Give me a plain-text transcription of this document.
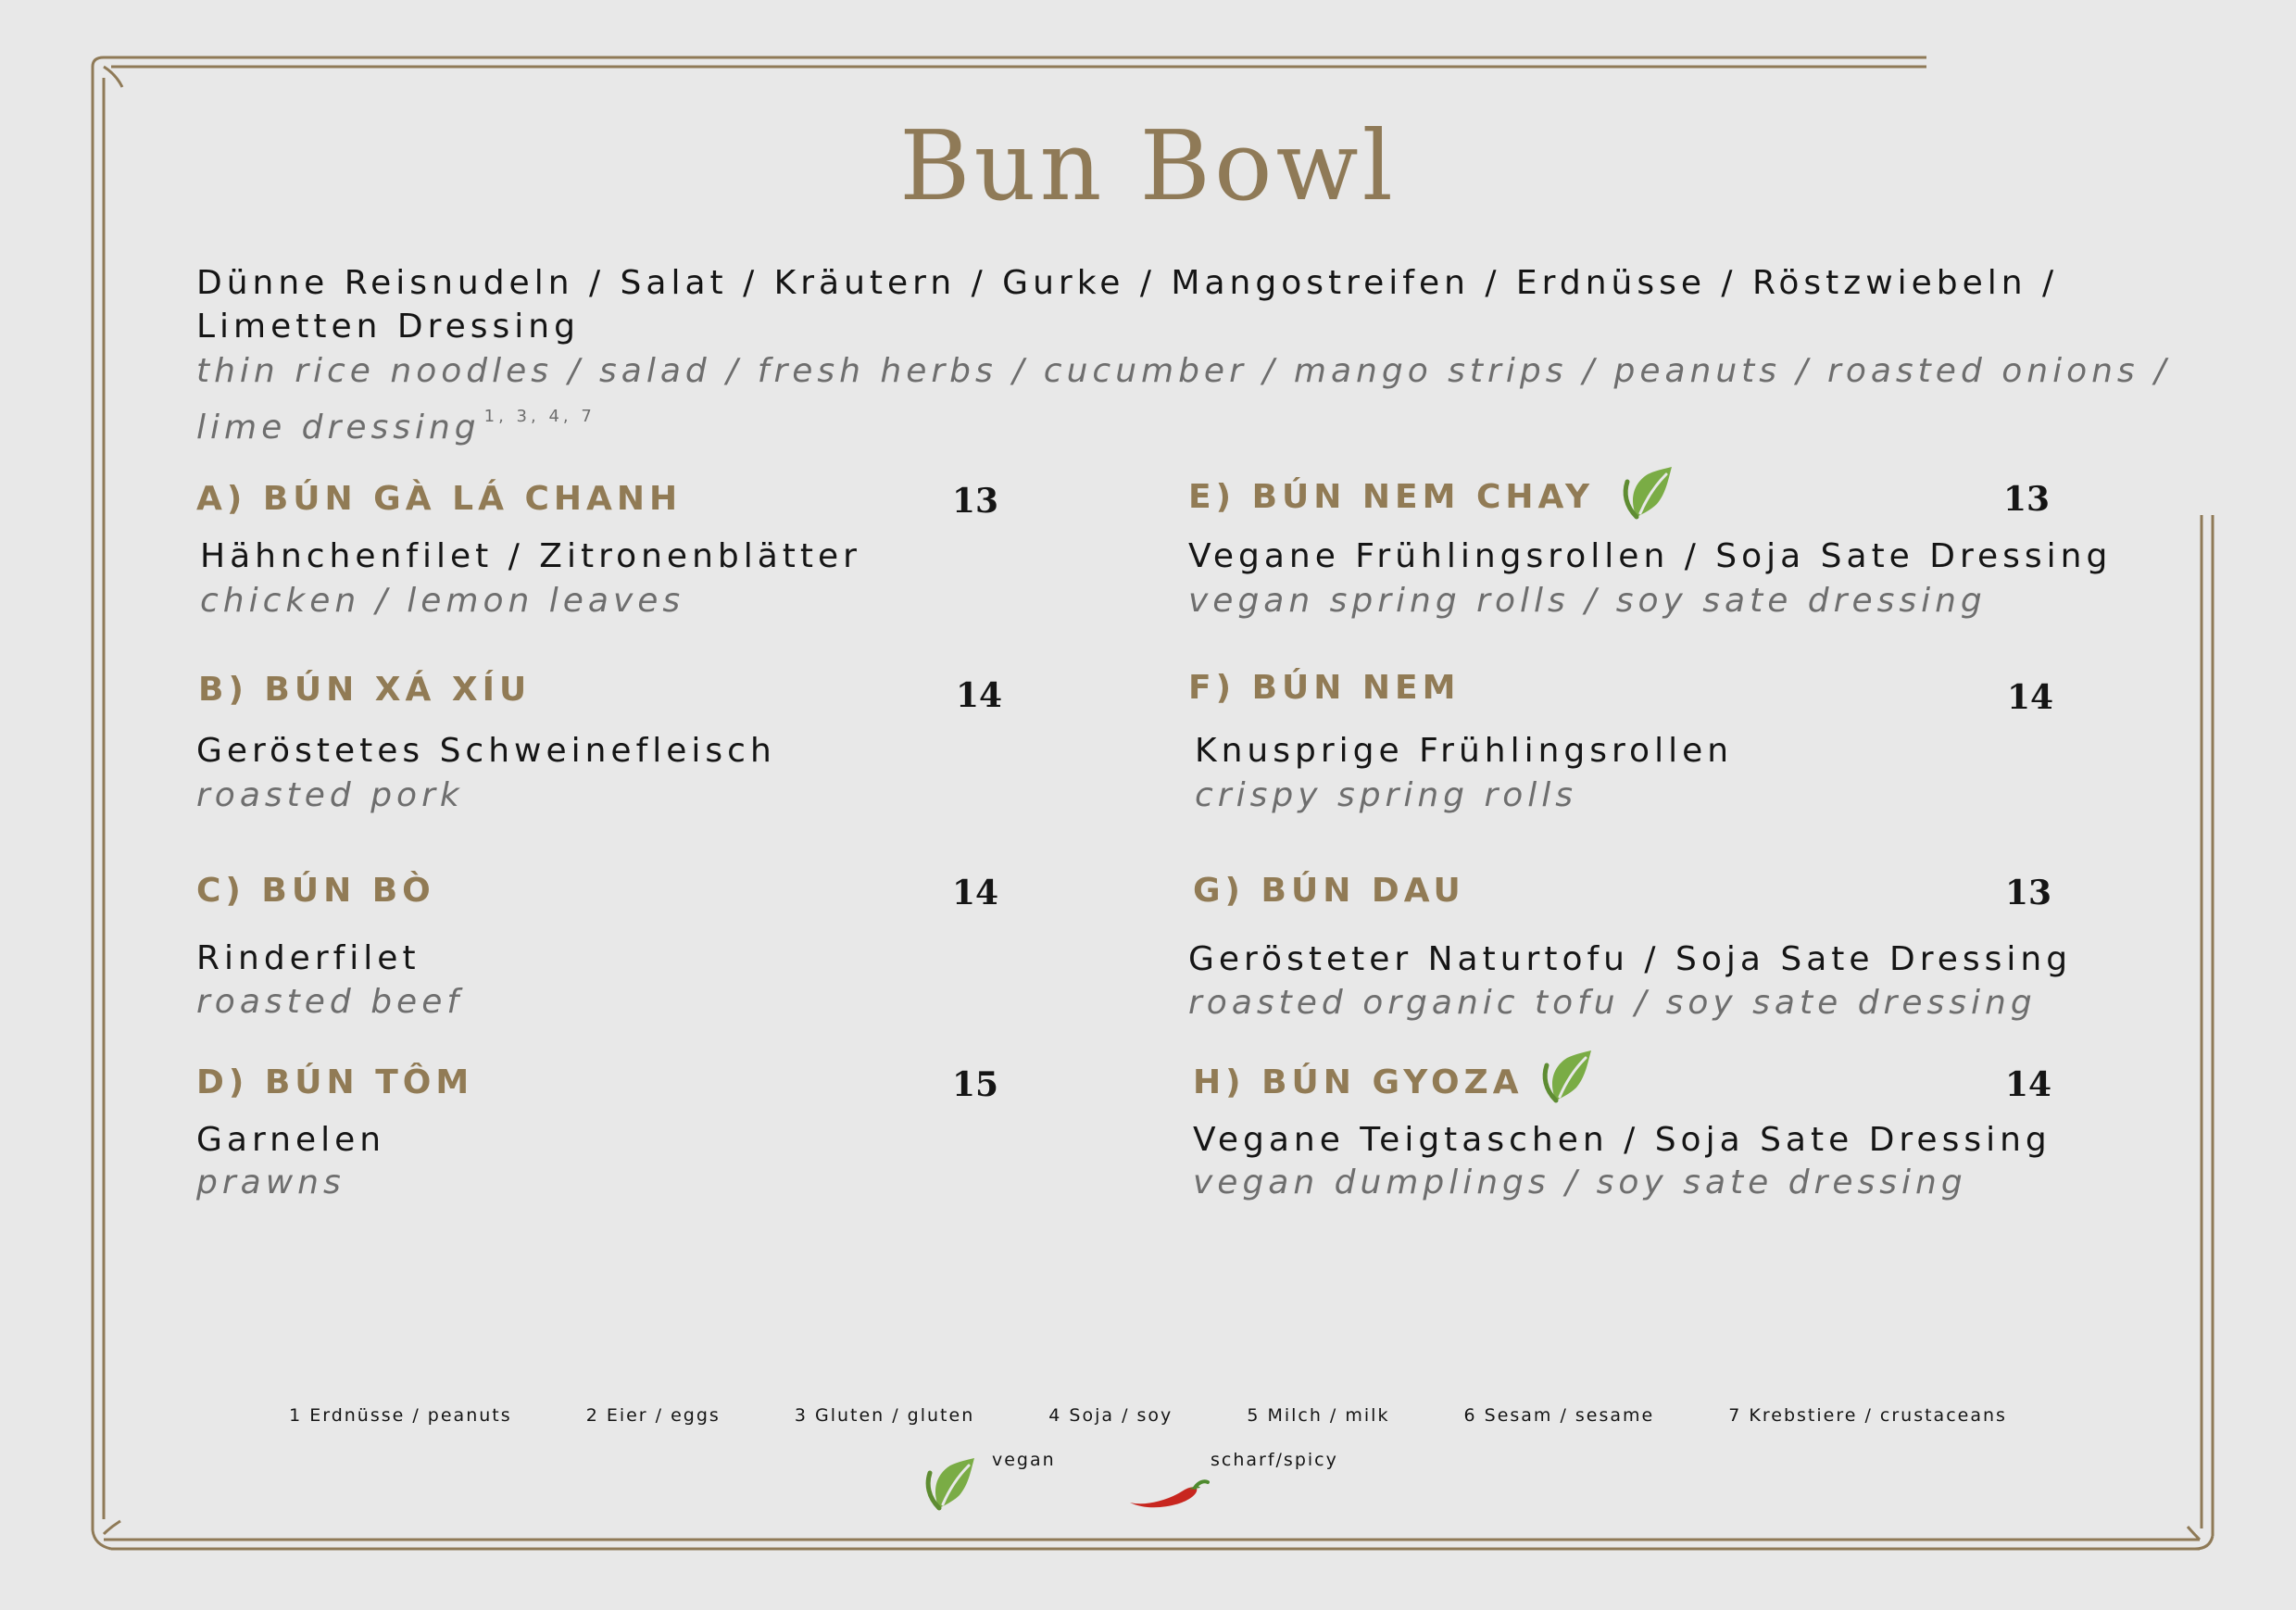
Bun Bowl
Dünne Reisnudeln / Salat / Kräutern / Gurke / Mangostreifen / Erdnüsse / Röstzwiebeln / Limetten Dressing
thin rice noodles / salad / fresh herbs / cucumber / mango strips / peanuts / roasted onions / lime dressing $^{1, 3, 4, 7}$
A) BÚN GÀ LÁ CHANH	13
Hähnchenfilet / Zitronenblätter
chicken / lemon leaves
B) BÚN XÁ XÍU	14
Geröstetes Schweinefleisch
roasted pork
C) BÚN BÒ	14
Rinderfilet
roasted beef
D) BÚN TÔM	15
Garnelen
prawns
E) BÚN NEM CHAY	13
Vegane Frühlingsrollen / Soja Sate Dressing
vegan spring rolls / soy sate dressing
F) BÚN NEM	14
Knusprige Frühlingsrollen
crispy spring rolls
G) BÚN DAU	13
Gerösteter Naturtofu / Soja Sate Dressing
roasted organic tofu / soy sate dressing
H) BÚN GYOZA	14
Vegane Teigtaschen / Soja Sate Dressing
vegan dumplings / soy sate dressing
1 Erdnüsse / peanuts	2 Eier / eggs	3 Gluten / gluten	4 Soja / soy	5 Milch / milk	6 Sesam / sesame	7 Krebstiere / crustaceans
vegan	scharf/spicy
